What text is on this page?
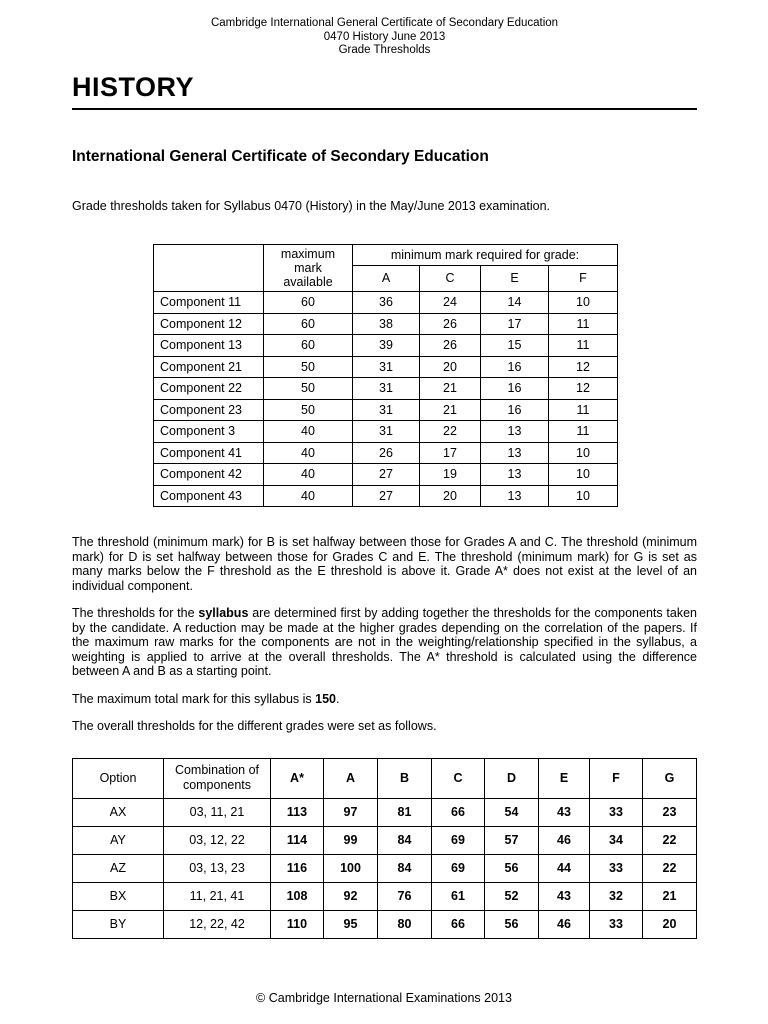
Cambridge International General Certificate of Secondary Education
0470 History June 2013
Grade Thresholds
HISTORY
International General Certificate of Secondary Education

Grade thresholds taken for Syllabus 0470 (History) in the May/June 2013 examination.

	maximum mark available	minimum mark required for grade:			
		A	C	E	F
Component 11	60	36	24	14	10
Component 12	60	38	26	17	11
Component 13	60	39	26	15	11
Component 21	50	31	20	16	12
Component 22	50	31	21	16	12
Component 23	50	31	21	16	11
Component 3	40	31	22	13	11
Component 41	40	26	17	13	10
Component 42	40	27	19	13	10
Component 43	40	27	20	13	10

The threshold (minimum mark) for B is set halfway between those for Grades A and C. The threshold (minimum mark) for D is set halfway between those for Grades C and E. The threshold (minimum mark) for G is set as many marks below the F threshold as the E threshold is above it. Grade A* does not exist at the level of an individual component.

The thresholds for the syllabus are determined first by adding together the thresholds for the components taken by the candidate. A reduction may be made at the higher grades depending on the correlation of the papers. If the maximum raw marks for the components are not in the weighting/relationship specified in the syllabus, a weighting is applied to arrive at the overall thresholds. The A* threshold is calculated using the difference between A and B as a starting point.

The maximum total mark for this syllabus is 150.

The overall thresholds for the different grades were set as follows.

Option	Combination of components	A*	A	B	C	D	E	F	G
AX	03, 11, 21	113	97	81	66	54	43	33	23
AY	03, 12, 22	114	99	84	69	57	46	34	22
AZ	03, 13, 23	116	100	84	69	56	44	33	22
BX	11, 21, 41	108	92	76	61	52	43	32	21
BY	12, 22, 42	110	95	80	66	56	46	33	20
© Cambridge International Examinations 2013
